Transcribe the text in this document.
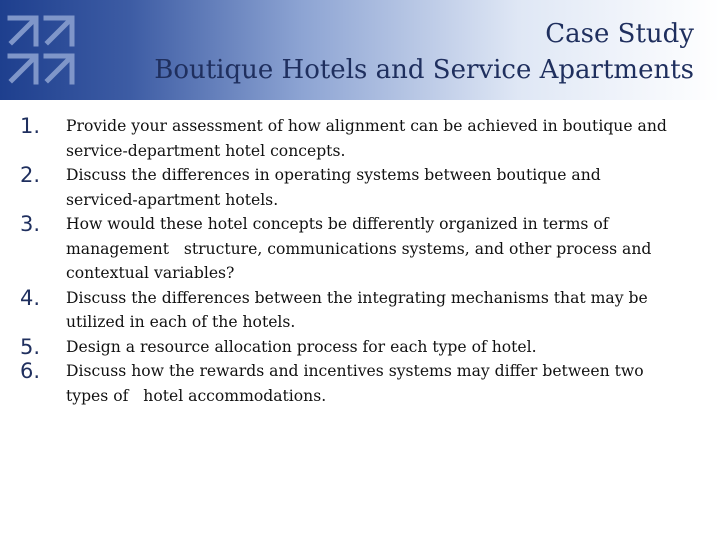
Case Study
Boutique Hotels and Service Apartments
1.	Provide your assessment of how alignment can be achieved in boutique and
service-department hotel concepts.
2.	Discuss the differences in operating systems between boutique and
serviced-apartment hotels.
3.	How would these hotel concepts be differently organized in terms of
management   structure, communications systems, and other process and
contextual variables?
4.	Discuss the differences between the integrating mechanisms that may be
utilized in each of the hotels.
5.	Design a resource allocation process for each type of hotel.
6.	Discuss how the rewards and incentives systems may differ between two
types of   hotel accommodations.
